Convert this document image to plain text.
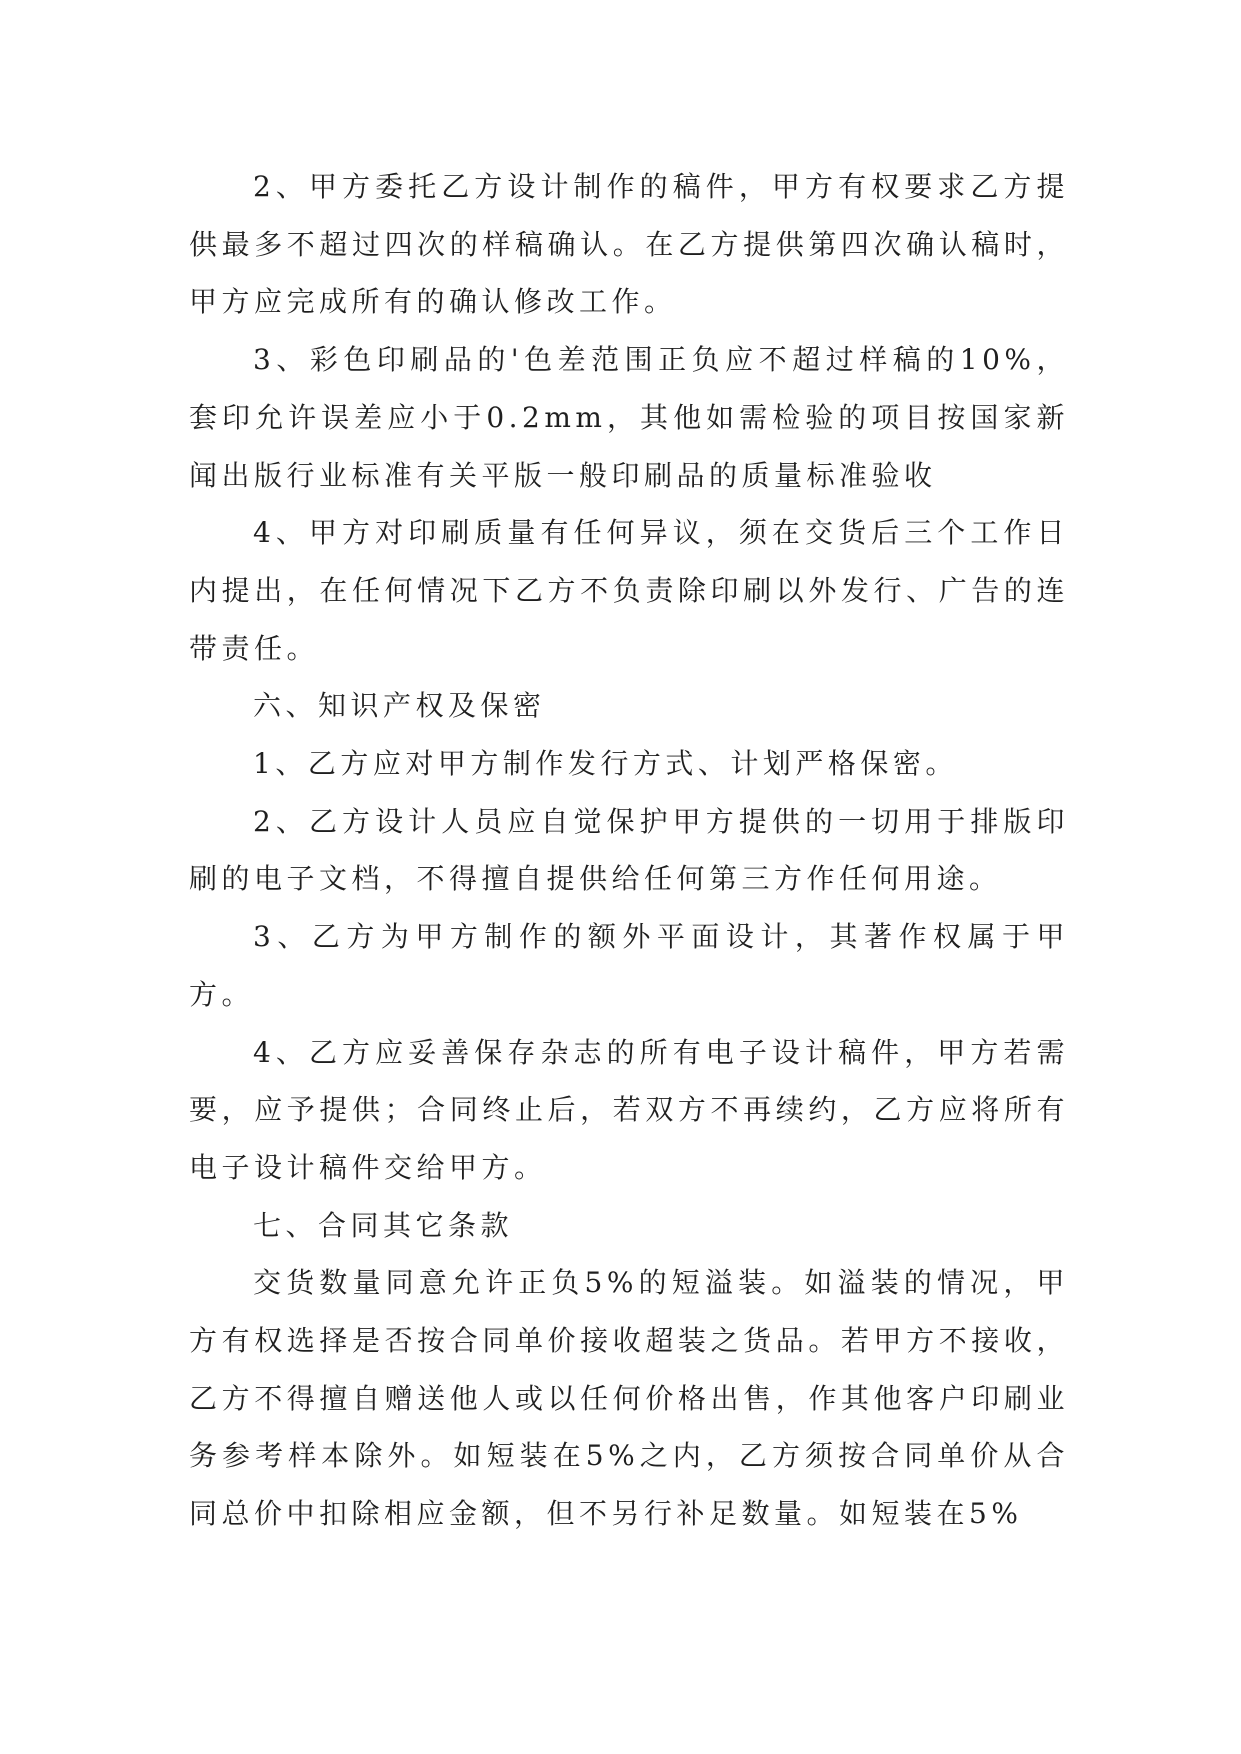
2、甲方委托乙方设计制作的稿件，甲方有权要求乙方提供最多不超过四次的样稿确认。在乙方提供第四次确认稿时，甲方应完成所有的确认修改工作。

3、彩色印刷品的'色差范围正负应不超过样稿的10%，套印允许误差应小于0.2mm，其他如需检验的项目按国家新闻出版行业标准有关平版一般印刷品的质量标准验收

4、甲方对印刷质量有任何异议，须在交货后三个工作日内提出，在任何情况下乙方不负责除印刷以外发行、广告的连带责任。

六、知识产权及保密

1、乙方应对甲方制作发行方式、计划严格保密。

2、乙方设计人员应自觉保护甲方提供的一切用于排版印刷的电子文档，不得擅自提供给任何第三方作任何用途。

3、乙方为甲方制作的额外平面设计，其著作权属于甲方。

4、乙方应妥善保存杂志的所有电子设计稿件，甲方若需要，应予提供；合同终止后，若双方不再续约，乙方应将所有电子设计稿件交给甲方。

七、合同其它条款

交货数量同意允许正负5%的短溢装。如溢装的情况，甲方有权选择是否按合同单价接收超装之货品。若甲方不接收，乙方不得擅自赠送他人或以任何价格出售，作其他客户印刷业务参考样本除外。如短装在5%之内，乙方须按合同单价从合同总价中扣除相应金额，但不另行补足数量。如短装在5%
